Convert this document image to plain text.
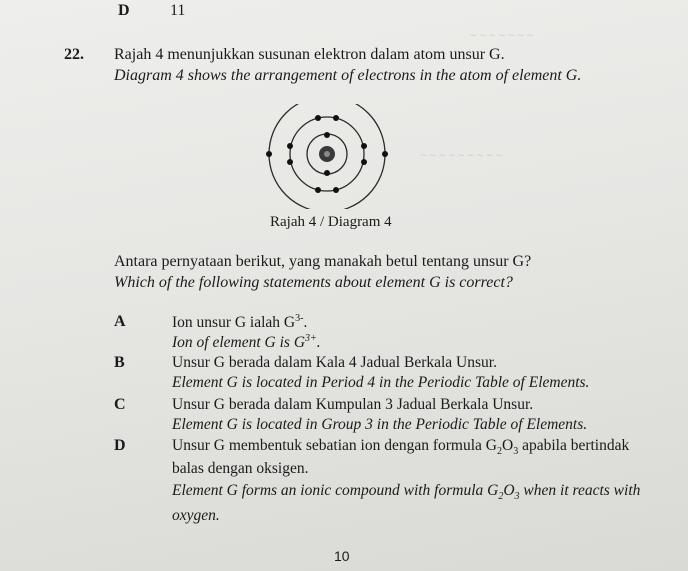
~ ~ ~ ~ ~ ~ ~
~ ~ ~ ~ ~ ~ ~ ~ ~
D	11
22. Rajah 4 menunjukkan susunan elektron dalam atom unsur G.
Diagram 4 shows the arrangement of electrons in the atom of element G.
Rajah 4 / Diagram 4
Antara pernyataan berikut, yang manakah betul tentang unsur G?
Which of the following statements about element G is correct?
A	Ion unsur G ialah $G^{3-}$.
Ion of element G is $G^{3+}$.
B	Unsur G berada dalam Kala 4 Jadual Berkala Unsur.
Element G is located in Period 4 in the Periodic Table of Elements.
C	Unsur G berada dalam Kumpulan 3 Jadual Berkala Unsur.
Element G is located in Group 3 in the Periodic Table of Elements.
D	Unsur G membentuk sebatian ion dengan formula $G_2O_3$ apabila bertindak
balas dengan oksigen.
Element G forms an ionic compound with formula $G_2O_3$ when it reacts with
oxygen.
10
